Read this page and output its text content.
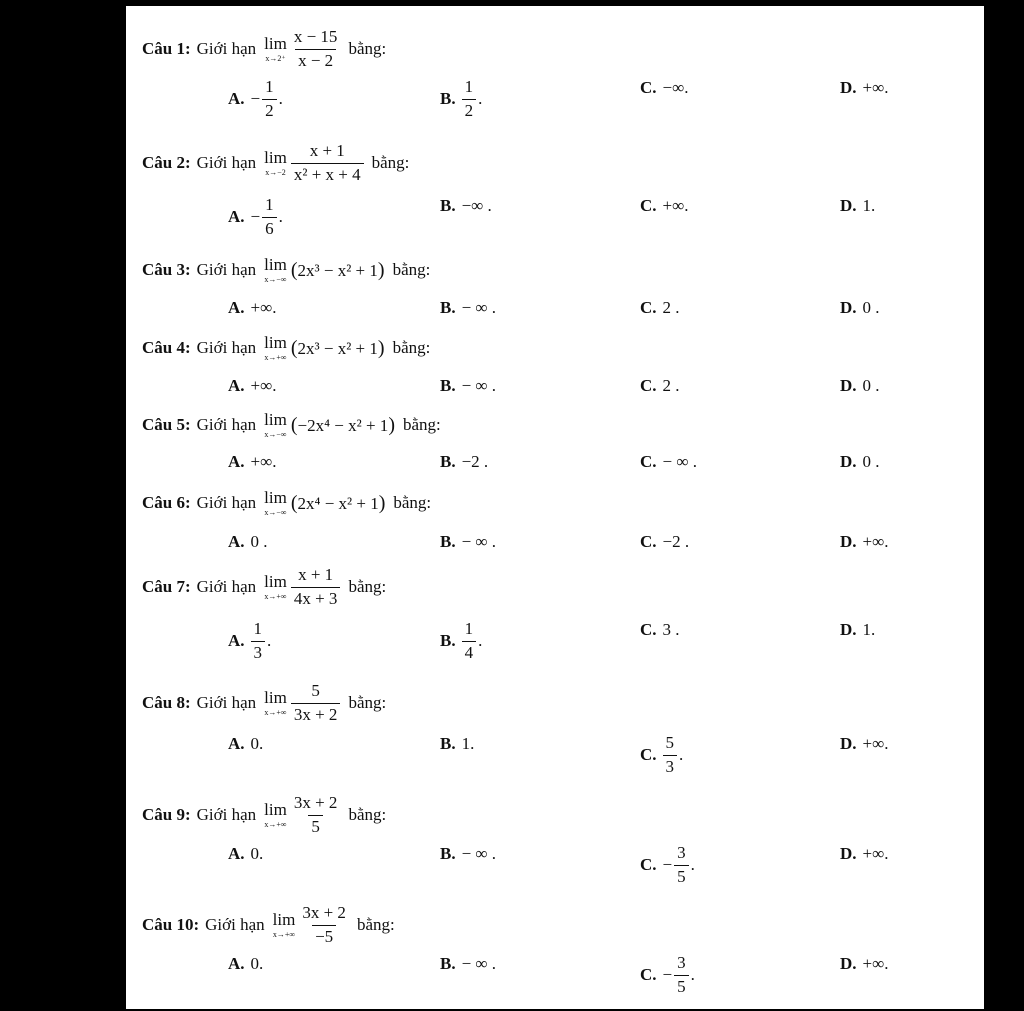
Câu 1: Giới hạn lim
$x\to 2^+ \frac{x - 15}{x - 2}$ bằng:
A. − $\frac{1}{2}$ .	B. $\frac{1}{2}$ .
C. −∞.	D. +∞.
Câu 2: Giới hạn lim
$x\to-2 \frac{x + 1}{\text{x² + x + 4}}$ bằng:
A. − $\frac{1}{6}$ .
B. −∞ .	C. +∞.	D. 1.
Câu 3: Giới hạn lim
x→−∞ (2x³ − x² + 1) bằng:
A. +∞.	B. − ∞ .	C. 2 .	D. 0 .
Câu 4: Giới hạn lim
x→+∞ (2x³ − x² + 1) bằng:
A. +∞.	B. − ∞ .	C. 2 .	D. 0 .
Câu 5: Giới hạn lim
x→−∞ (−2x⁴ − x² + 1) bằng:
A. +∞.	B. −2 .	C. − ∞ .	D. 0 .
Câu 6: Giới hạn lim
x→−∞ (2x⁴ − x² + 1) bằng:
A. 0 .	B. − ∞ .	C. −2 .	D. +∞.
Câu 7: Giới hạn lim
$x\to+\infty \frac{x + 1}{4x + 3}$ bằng:
A. $\frac{1}{3}$ .	B. $\frac{1}{4}$ .
C. 3 .	D. 1.
Câu 8: Giới hạn lim
$x\to+\infty \frac{5}{3x + 2}$ bằng:
A. 0.	B. 1.
C. $\frac{5}{3}$ .
D. +∞.
Câu 9: Giới hạn lim
$x\to+\infty \frac{3x + 2}{5}$ bằng:
A. 0.	B. − ∞ .
C. − $\frac{3}{5}$ .
D. +∞.
Câu 10: Giới hạn lim
$x\to+\infty \frac{3x + 2}{-5}$ bằng:
A. 0.	B. − ∞ .
C. − $\frac{3}{5}$ .
D. +∞.
